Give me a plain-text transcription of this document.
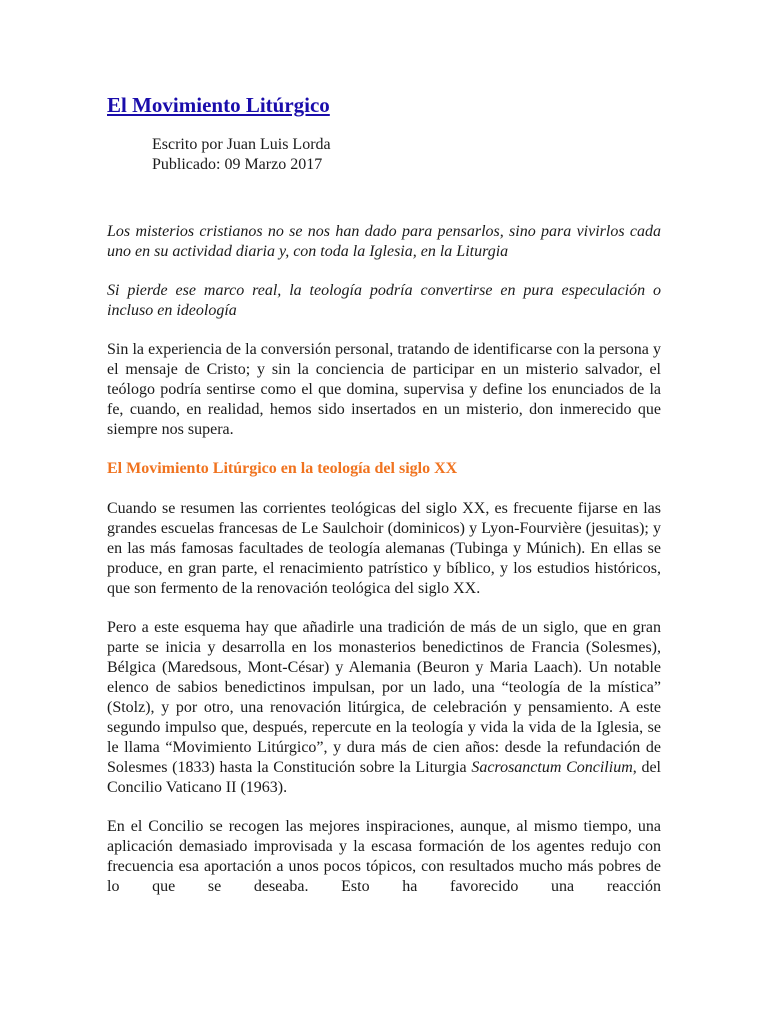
El Movimiento Litúrgico
Escrito por Juan Luis Lorda
Publicado: 09 Marzo 2017

Los misterios cristianos no se nos han dado para pensarlos, sino para vivirlos cada uno en su actividad diaria y, con toda la Iglesia, en la Liturgia

Si pierde ese marco real, la teología podría convertirse en pura especulación o incluso en ideología

Sin la experiencia de la conversión personal, tratando de identificarse con la persona y el mensaje de Cristo; y sin la conciencia de participar en un misterio salvador, el teólogo podría sentirse como el que domina, supervisa y define los enunciados de la fe, cuando, en realidad, hemos sido insertados en un misterio, don inmerecido que siempre nos supera.

El Movimiento Litúrgico en la teología del siglo XX

Cuando se resumen las corrientes teológicas del siglo XX, es frecuente fijarse en las grandes escuelas francesas de Le Saulchoir (dominicos) y Lyon-Fourvière (jesuitas); y en las más famosas facultades de teología alemanas (Tubinga y Múnich). En ellas se produce, en gran parte, el renacimiento patrístico y bíblico, y los estudios históricos, que son fermento de la renovación teológica del siglo XX.

Pero a este esquema hay que añadirle una tradición de más de un siglo, que en gran parte se inicia y desarrolla en los monasterios benedictinos de Francia (Solesmes), Bélgica (Maredsous, Mont-César) y Alemania (Beuron y Maria Laach). Un notable elenco de sabios benedictinos impulsan, por un lado, una “teología de la mística” (Stolz), y por otro, una renovación litúrgica, de celebración y pensamiento. A este segundo impulso que, después, repercute en la teología y vida la vida de la Iglesia, se le llama “Movimiento Litúrgico”, y dura más de cien años: desde la refundación de Solesmes (1833) hasta la Constitución sobre la Liturgia Sacrosanctum Concilium, del Concilio Vaticano II (1963).

En el Concilio se recogen las mejores inspiraciones, aunque, al mismo tiempo, una aplicación demasiado improvisada y la escasa formación de los agentes redujo con frecuencia esa aportación a unos pocos tópicos, con resultados mucho más pobres de lo que se deseaba. Esto ha favorecido una reacción
